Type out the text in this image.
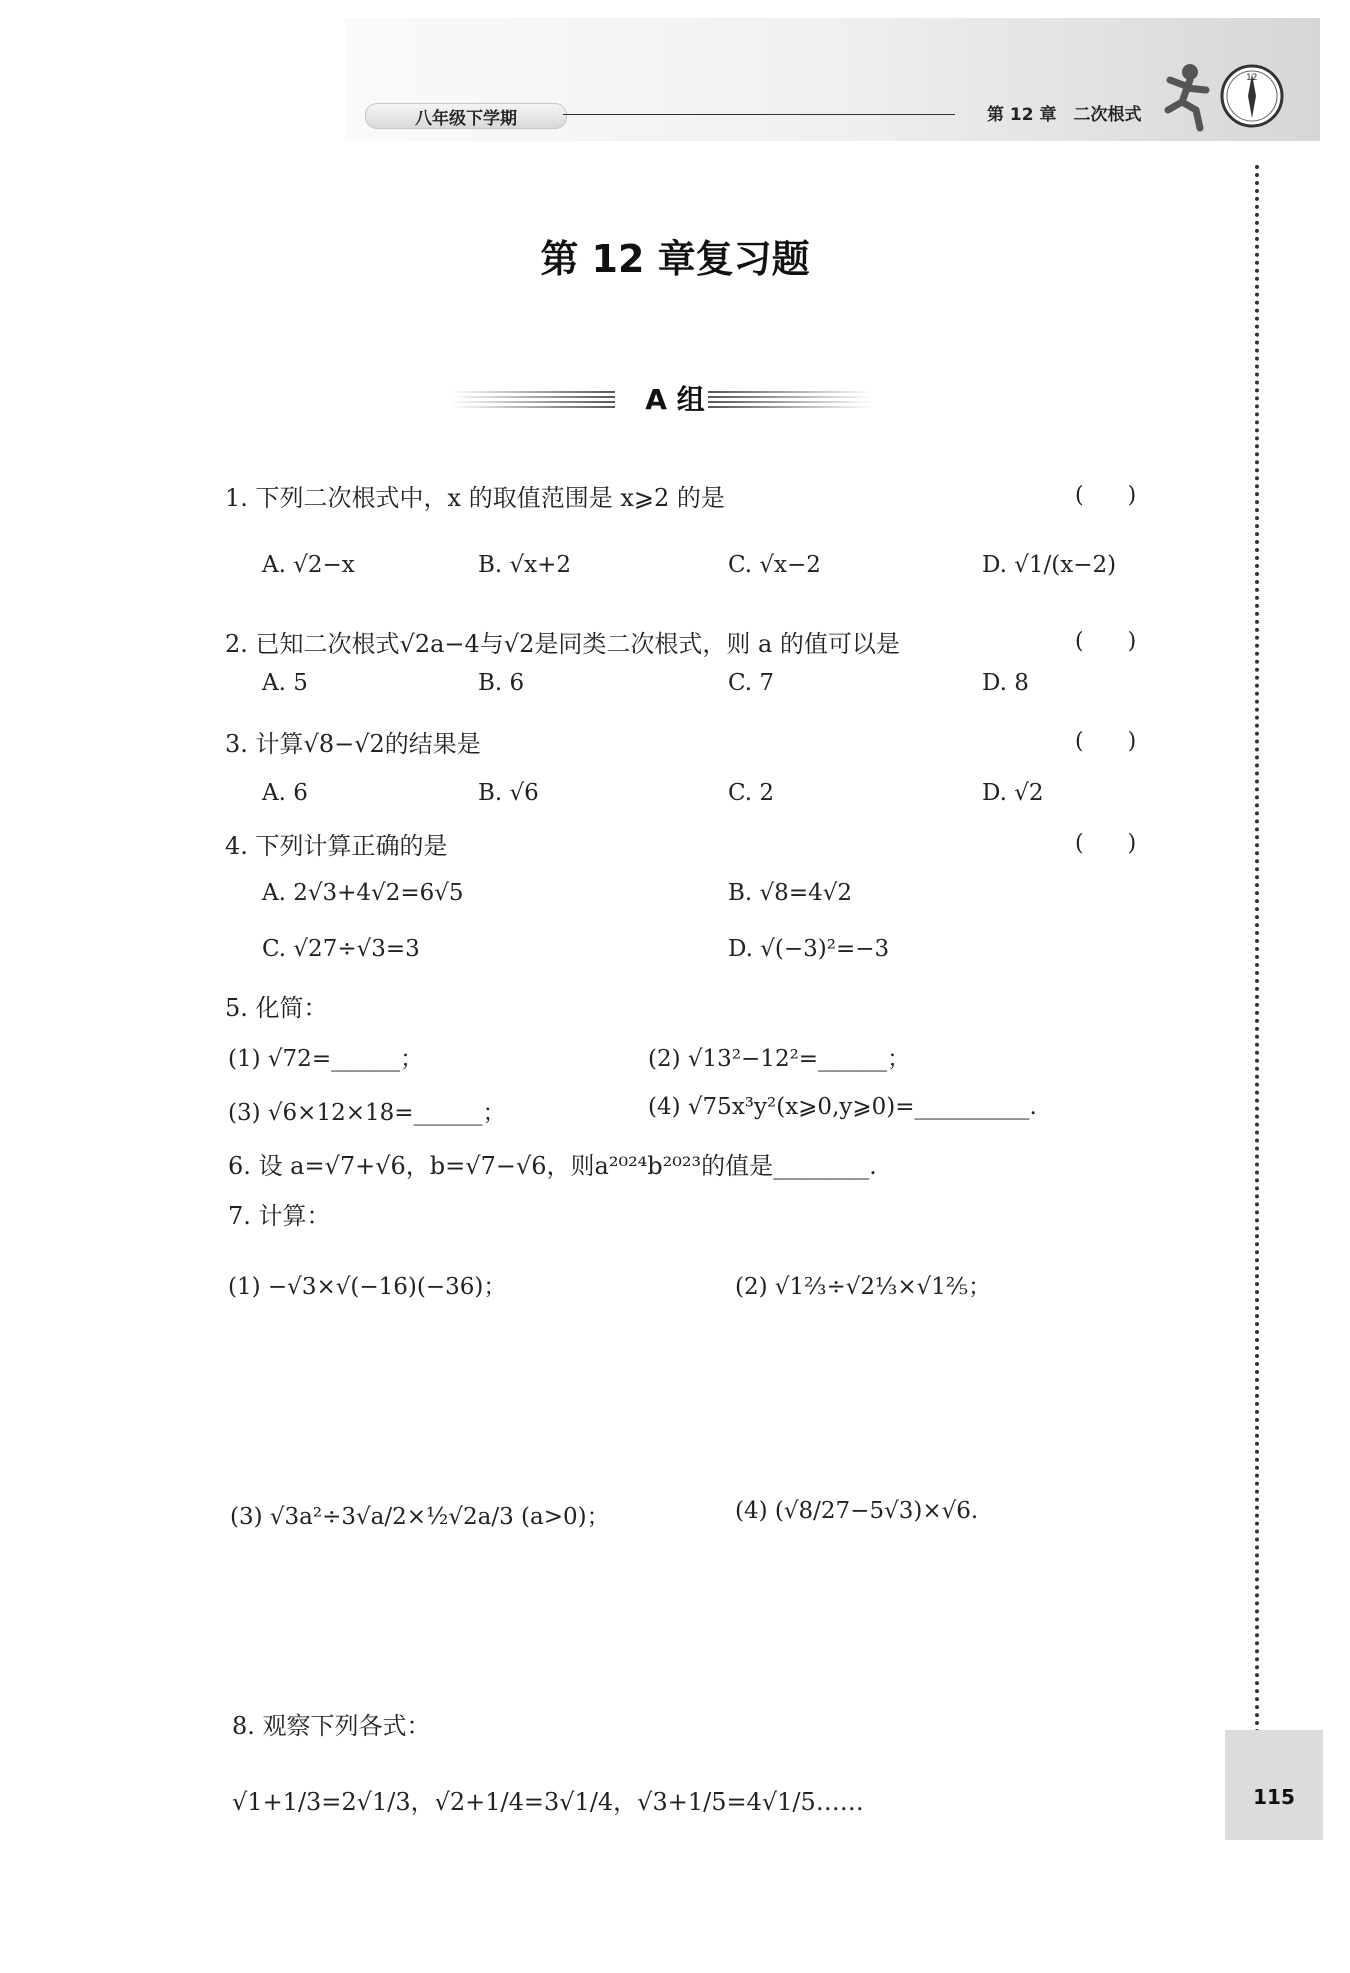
八年级下学期	第 12 章　二次根式
12
115
第 12 章复习题
A 组
1. 下列二次根式中，x 的取值范围是 x⩾2 的是	(　　)
A. √2−x	B. √x+2	C. √x−2	D. √1/(x−2)
2. 已知二次根式√2a−4与√2是同类二次根式，则 a 的值可以是	(　　)
A. 5	B. 6	C. 7	D. 8
3. 计算√8−√2的结果是	(　　)
A. 6	B. √6	C. 2	D. √2
4. 下列计算正确的是	(　　)
A. 2√3+4√2=6√5	B. √8=4√2
C. √27÷√3=3	D. √(−3)²=−3
5. 化简：
(1) √72=______；	(2) √13²−12²=______；
(3) √6×12×18=______；	(4) √75x³y²(x⩾0,y⩾0)=__________.
6. 设 a=√7+√6，b=√7−√6，则a²⁰²⁴b²⁰²³的值是________.
7. 计算：
(1) −√3×√(−16)(−36)；	(2) √1⅔÷√2⅓×√1⅖；
(3) √3a²÷3√a/2×½√2a/3 (a>0)；	(4) (√8/27−5√3)×√6.
8. 观察下列各式：
√1+1/3=2√1/3，√2+1/4=3√1/4，√3+1/5=4√1/5……
